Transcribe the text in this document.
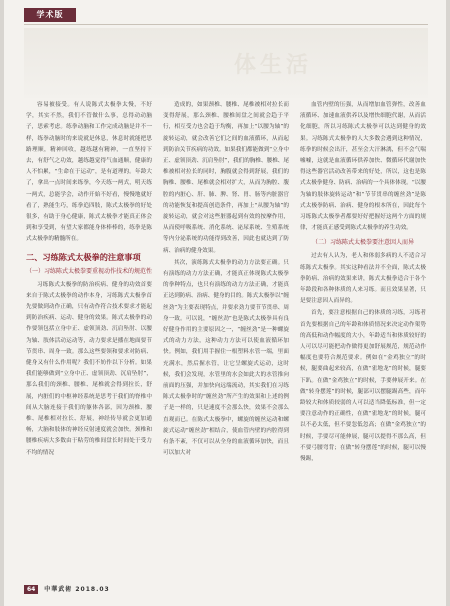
学术版
体生活

容易被接受。有人说陈式太极拳太慢，不好学，其实不然，我们不管做什么事，总得动动脑子，思索考虑。练拳动脑和工作完成动脑是并不一样，练拳动脑时的来说就是休息，休息时就能把思路理顺，精神回收，越练越有精神，一直坚持下去，有舒气之功效，越练越觉得气血通顺，健康的人不怕累，“生命在于运动”，是有道理的。年龄大了，拿出一点时间来练拳，今天练一两式，明天练一两式，总能学会，动作开始不好看，慢慢地就好看了，熟能生巧，练拳追四肢，陈式太极拳的好处很多，有助于身心健康，陈式太极拳才能真正体会到和享受到，有望大家都能身体棒棒的，练拳是陈式太极拳的精髓所在。

二、习练陈式太极拳的注意事项
（一）习练陈式太极拳要重视动作技术的规范性

习练陈式太极拳的防治疾病、健身的功效首要来自于陈式太极拳的动作本身，习练陈式太极拳首先要做到动作正确，只有动作符合技术要求才能起到防治疾病、运动、健身的效果。陈式太极拳的动作要领包括立身中正、虚领顶劲、沉肩坠肘、以腰为轴、肢体活动运动等，动力要求是播在地面要节节贯串、周身一致。那么这些要领和要求对防病、健身又有什么作用呢？我们不妨作以下分析。如果我们能够做到“立身中正、虚领顶劲、沉肩坠肘”，那么我们的颈椎、腰椎、尾椎就会得到拉长，舒展，内脏们的中枢神经系统是思考于我们的脊椎中间从大脑连接于我们的躯体各部，因为颈椎、腰椎、尾椎相对拉长、舒展，神经传导就会更加通畅，大脑和肢体的神经反射速度就会加快。颈椎和腰椎疾病大多数由于粘劳的椎间盘长时间处于受力不均的情况

造成的，如果颈椎、腰椎、尾椎被相对拉长而变得舒展，那么颈椎、腰椎间盘之间就会趋于平行，相互受力也会趋于均衡，再加上“以腰为轴”的旋转运动，就会改善它们之间的血液循环，从而起到防治关节疾病的功效。如果我们都能做到“立身中正、虚领顶劲、沉肩坠肘”，我们的胸椎、腰椎、尾椎被相对拉长的同时，胸腹就会得到舒展，我们的胸椎、腰椎、尾椎就会相对扩大，从而为胸腔、腹腔的内脏心、肝、肺、脾、肾、胃、肠等内脏器官的功能恢复和提高创造条件，再加上“从腰为轴”的旋转运动，就会对这些脏器起到有效的按摩作用，从而使呼吸系统、消化系统、泌尿系统、生殖系统等内分泌系统的功能得到改善，因此也就达到了防病、治病的健身效果。

其次，演练陈式太极拳的动力方法要正确。只有演练的动力方法正确，才能真正体现陈式太极拳的拳种特点，也只有演练的动力方法正确，才能真正达到防病、治病、健身的目的。陈式太极拳以“缠丝劲”为主要表现特点，并要求劲力要节节贯串、周身一致。可以说，“缠丝劲”也是陈式太极拳具有良好健身作用的主要原因之一，“缠丝劲”是一种螺旋式的动力方法，这种动力方法可以使血液循环加快。例如，我们用手握住一根塑料水管一端，里面充满水，然后握水管，让它呈螺旋式运动，这时候，我们会发现，水管里的水会如此大的水管推向前面的压强，并加快向远端流动，其实我们在习练陈式太极拳时的“缠丝劲”所产生的效果和上述的例子是一样的，只是速度不会那么快，效果不会那么直观而已。在陈式太极拳中，螺旋的缠丝运动和螺旋式运动“缠丝劲”相结合，使血管内壁的内腔得到有条不紊，不仅可以从全身的血液循环加快，而且可以加大对

血管内壁的压强，从而增加血管弹性，改善血液循环、加速血液供养以及增快细胞代谢，从而活化细胞，所以习练陈式太极拳可以达到健身的效果。习练陈式太极拳的人大多数会遇到这种情况，练拳的时候会出汗，甚至会大汗淋漓，但不会气喘嘘嘘，这就是血液循环供养加快、微循环代谢加快得这些器官活动改善带来的好处，所以，这也是陈式太极拳健身、防病、治病的一个具体体现。“以腰为轴的肢体旋转运动”和“节节贯串的缠丝劲”是陈式太极拳防病、治病、健身的根本所在，因此每个习练陈式太极拳者都要好好把握好这两个方面的规律，才能真正感受到陈式太极拳的养生功效。

（二）习练陈式太极拳要注意因人而异

过去有人认为，老人和体弱多病的人不适合习练陈式太极拳。其实这种看法并不全面，陈式太极拳防病、治病的效果来讲，陈式太极拳适合于各个年龄段和各种体质的人来习练。而且效果显著，只是要注意因人而异的。

首先，要注意根据自己的体质的习练，习练者首先要根据自己的年龄和体质情况来决定动作架势的高低和动作幅度的大小，年龄适当和体质较好的人可以尽可能把动作做得更加舒展规范，规范动作幅度也要符合规范要求。例如在“金鸡独立”的时候，腿要曲起来较高，在做“雀地龙”的时候，腿要下趴。在做“金鸡独立”的时候，手要伸展开来。在做“转身摆莲”的时候，腿部可以摆腿踢高些，而年龄较大和体质较弱的人可以适当降低标准，但一定要注意动作的正确性，在做“雀地龙”的时候，腿可以不必太低，但不要忽低忽高；在做“金鸡独立”的时候，手要尽可能伸展，腿可以提得不那么高，但不要弓腰弯背；在做“转身摆莲”的时候，腿可以慢慢踢，

64 中華武術 2018.03
